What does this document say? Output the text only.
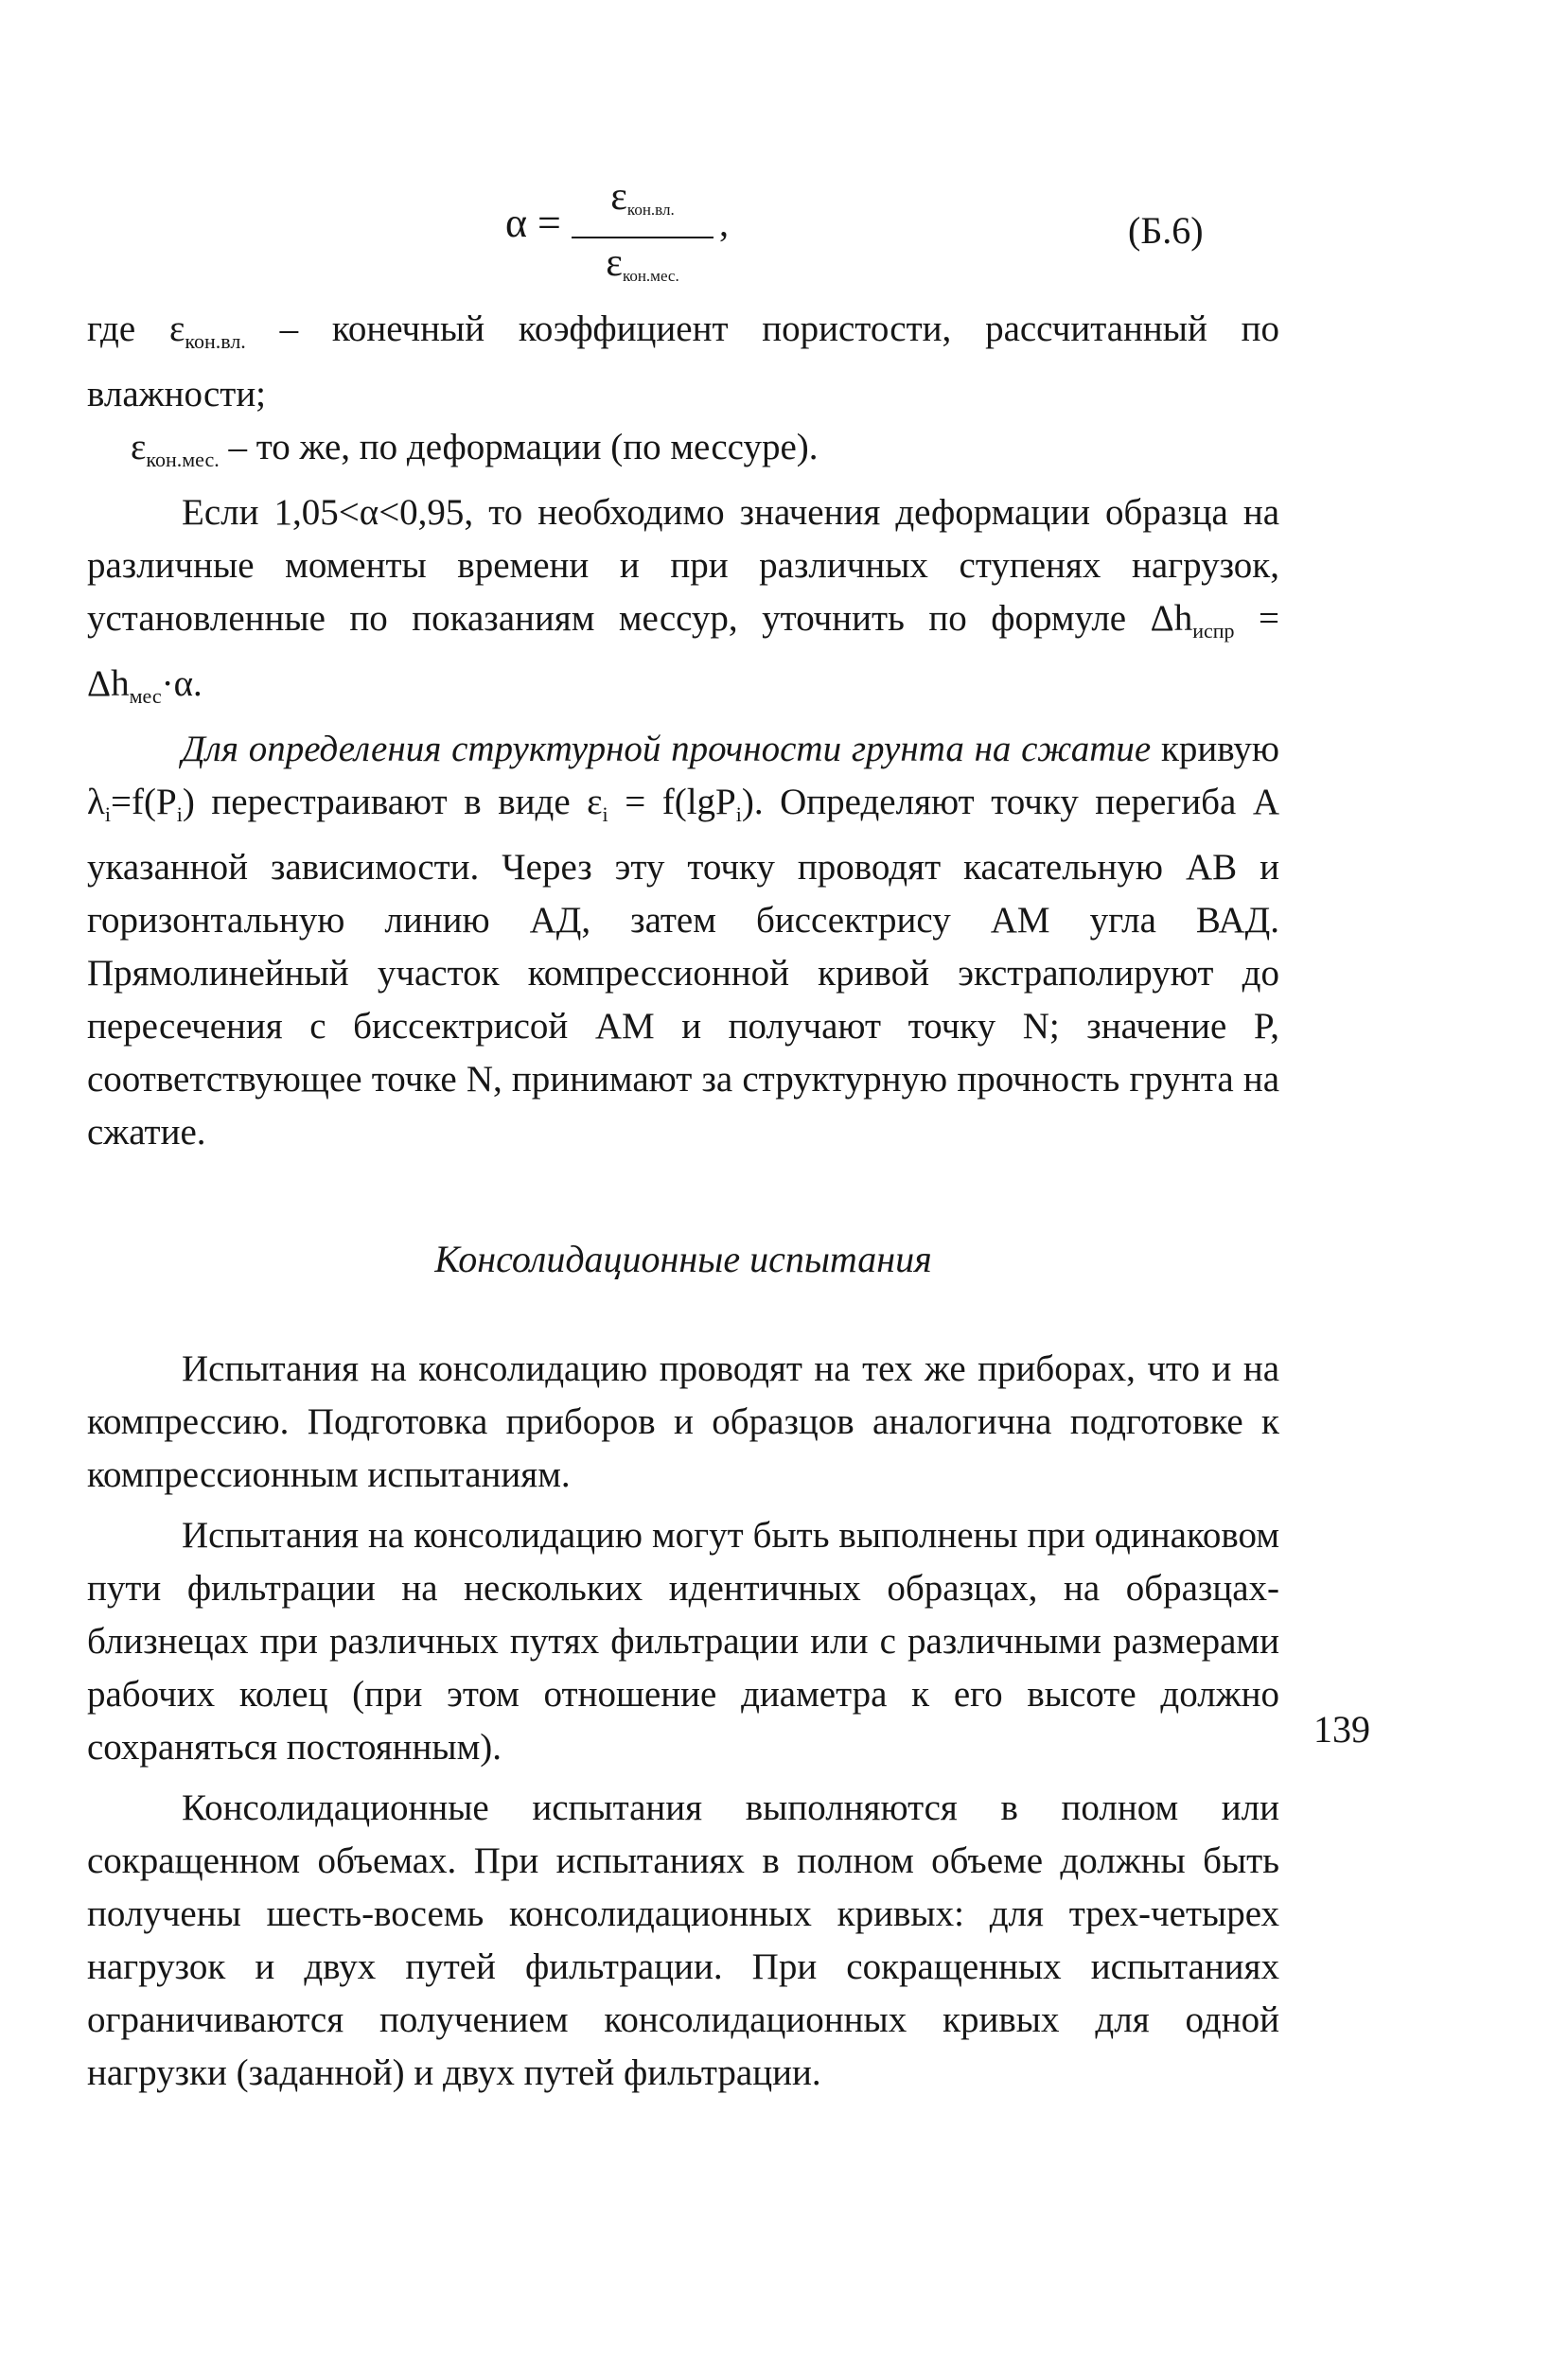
α =
$\varepsilon_{кон.вл.}$
$\varepsilon_{кон.мес.}$
,	(Б.6)

где $\varepsilon_{кон.вл.}$ – конечный коэффициент пористости, рассчитанный по влажности;

$\varepsilon_{кон.мес.}$ – то же, по деформации (по мессуре).

Если 1,05<α<0,95, то необходимо значения деформации образца на различные моменты времени и при различных ступенях нагрузок, установленные по показаниям мессур, уточнить по формуле $\Delta h_{испр} = \Delta h_{мес}\cdot\alpha$.

Для определения структурной прочности грунта на сжатие кривую $\lambda_i=f(P_i)$ перестраивают в виде $\varepsilon_i = f(\lg P_i)$. Определяют точку перегиба А указанной зависимости. Через эту точку проводят касательную АВ и горизонтальную линию АД, затем биссектрису АМ угла ВАД. Прямолинейный участок компрессионной кривой экстраполируют до пересечения с биссектрисой АМ и получают точку N; значение P, соответствующее точке N, принимают за структурную прочность грунта на сжатие.

Консолидационные испытания

Испытания на консолидацию проводят на тех же приборах, что и на компрессию. Подготовка приборов и образцов аналогична подготовке к компрессионным испытаниям.

Испытания на консолидацию могут быть выполнены при одинаковом пути фильтрации на нескольких идентичных образцах, на образцах-близнецах при различных путях фильтрации или с различными размерами рабочих колец (при этом отношение диаметра к его высоте должно сохраняться постоянным).

Консолидационные испытания выполняются в полном или сокращенном объемах. При испытаниях в полном объеме должны быть получены шесть-восемь консолидационных кривых: для трех-четырех нагрузок и двух путей фильтрации. При сокращенных испытаниях ограничиваются получением консолидационных кривых для одной нагрузки (заданной) и двух путей фильтрации.

139
